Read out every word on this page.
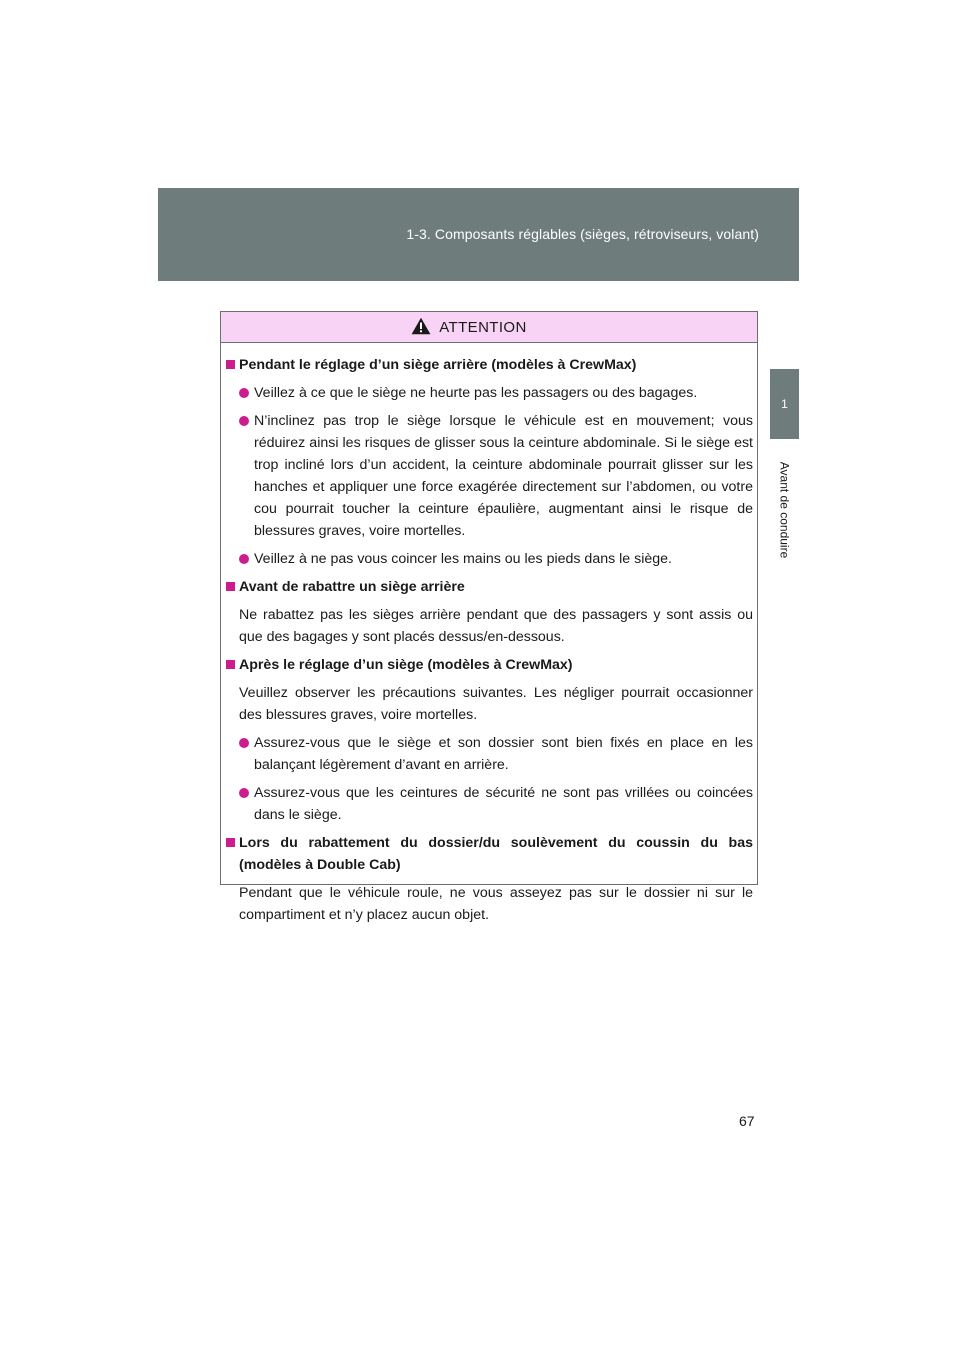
1-3. Composants réglables (sièges, rétroviseurs, volant)
1
Avant de conduire
ATTENTION
Pendant le réglage d’un siège arrière (modèles à CrewMax)
Veillez à ce que le siège ne heurte pas les passagers ou des bagages.
N’inclinez pas trop le siège lorsque le véhicule est en mouvement; vous réduirez ainsi les risques de glisser sous la ceinture abdominale. Si le siège est trop incliné lors d’un accident, la ceinture abdominale pourrait glisser sur les hanches et appliquer une force exagérée directement sur l’abdomen, ou votre cou pourrait toucher la ceinture épaulière, augmentant ainsi le risque de blessures graves, voire mortelles.
Veillez à ne pas vous coincer les mains ou les pieds dans le siège.
Avant de rabattre un siège arrière
Ne rabattez pas les sièges arrière pendant que des passagers y sont assis ou que des bagages y sont placés dessus/en-dessous.
Après le réglage d’un siège (modèles à CrewMax)
Veuillez observer les précautions suivantes. Les négliger pourrait occasionner des blessures graves, voire mortelles.
Assurez-vous que le siège et son dossier sont bien fixés en place en les balançant légèrement d’avant en arrière.
Assurez-vous que les ceintures de sécurité ne sont pas vrillées ou coincées dans le siège.
Lors du rabattement du dossier/du soulèvement du coussin du bas (modèles à Double Cab)
Pendant que le véhicule roule, ne vous asseyez pas sur le dossier ni sur le compartiment et n’y placez aucun objet.
67
